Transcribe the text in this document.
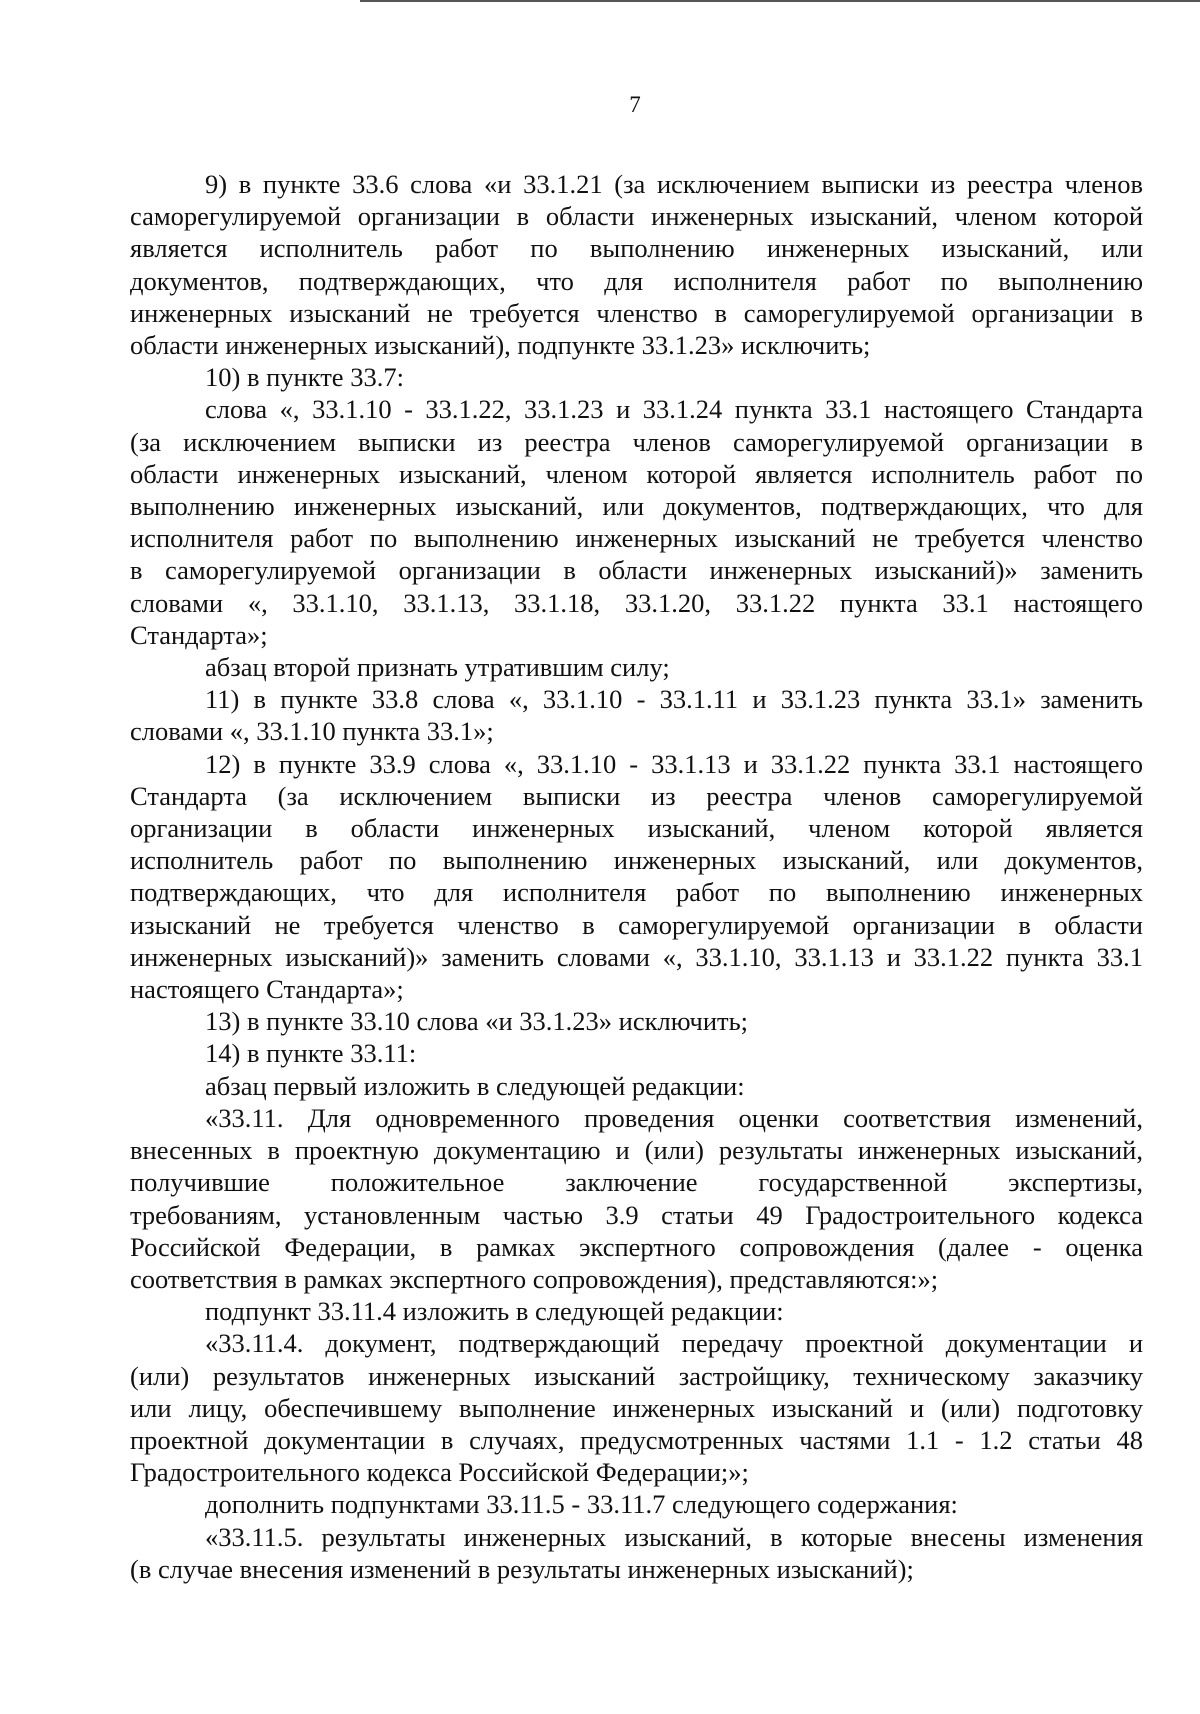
7
9) в пункте 33.6 слова «и 33.1.21 (за исключением выписки из реестра членов
саморегулируемой организации в области инженерных изысканий, членом которой
является исполнитель работ по выполнению инженерных изысканий, или
документов, подтверждающих, что для исполнителя работ по выполнению
инженерных изысканий не требуется членство в саморегулируемой организации в
области инженерных изысканий), подпункте 33.1.23» исключить;
10) в пункте 33.7:
слова «, 33.1.10 - 33.1.22, 33.1.23 и 33.1.24 пункта 33.1 настоящего Стандарта
(за исключением выписки из реестра членов саморегулируемой организации в
области инженерных изысканий, членом которой является исполнитель работ по
выполнению инженерных изысканий, или документов, подтверждающих, что для
исполнителя работ по выполнению инженерных изысканий не требуется членство
в саморегулируемой организации в области инженерных изысканий)» заменить
словами «, 33.1.10, 33.1.13, 33.1.18, 33.1.20, 33.1.22 пункта 33.1 настоящего
Стандарта»;
абзац второй признать утратившим силу;
11) в пункте 33.8 слова «, 33.1.10 - 33.1.11 и 33.1.23 пункта 33.1» заменить
словами «, 33.1.10 пункта 33.1»;
12) в пункте 33.9 слова «, 33.1.10 - 33.1.13 и 33.1.22 пункта 33.1 настоящего
Стандарта (за исключением выписки из реестра членов саморегулируемой
организации в области инженерных изысканий, членом которой является
исполнитель работ по выполнению инженерных изысканий, или документов,
подтверждающих, что для исполнителя работ по выполнению инженерных
изысканий не требуется членство в саморегулируемой организации в области
инженерных изысканий)» заменить словами «, 33.1.10, 33.1.13 и 33.1.22 пункта 33.1
настоящего Стандарта»;
13) в пункте 33.10 слова «и 33.1.23» исключить;
14) в пункте 33.11:
абзац первый изложить в следующей редакции:
«33.11. Для одновременного проведения оценки соответствия изменений,
внесенных в проектную документацию и (или) результаты инженерных изысканий,
получившие положительное заключение государственной экспертизы,
требованиям, установленным частью 3.9 статьи 49 Градостроительного кодекса
Российской Федерации, в рамках экспертного сопровождения (далее - оценка
соответствия в рамках экспертного сопровождения), представляются:»;
подпункт 33.11.4 изложить в следующей редакции:
«33.11.4. документ, подтверждающий передачу проектной документации и
(или) результатов инженерных изысканий застройщику, техническому заказчику
или лицу, обеспечившему выполнение инженерных изысканий и (или) подготовку
проектной документации в случаях, предусмотренных частями 1.1 - 1.2 статьи 48
Градостроительного кодекса Российской Федерации;»;
дополнить подпунктами 33.11.5 - 33.11.7 следующего содержания:
«33.11.5. результаты инженерных изысканий, в которые внесены изменения
(в случае внесения изменений в результаты инженерных изысканий);
